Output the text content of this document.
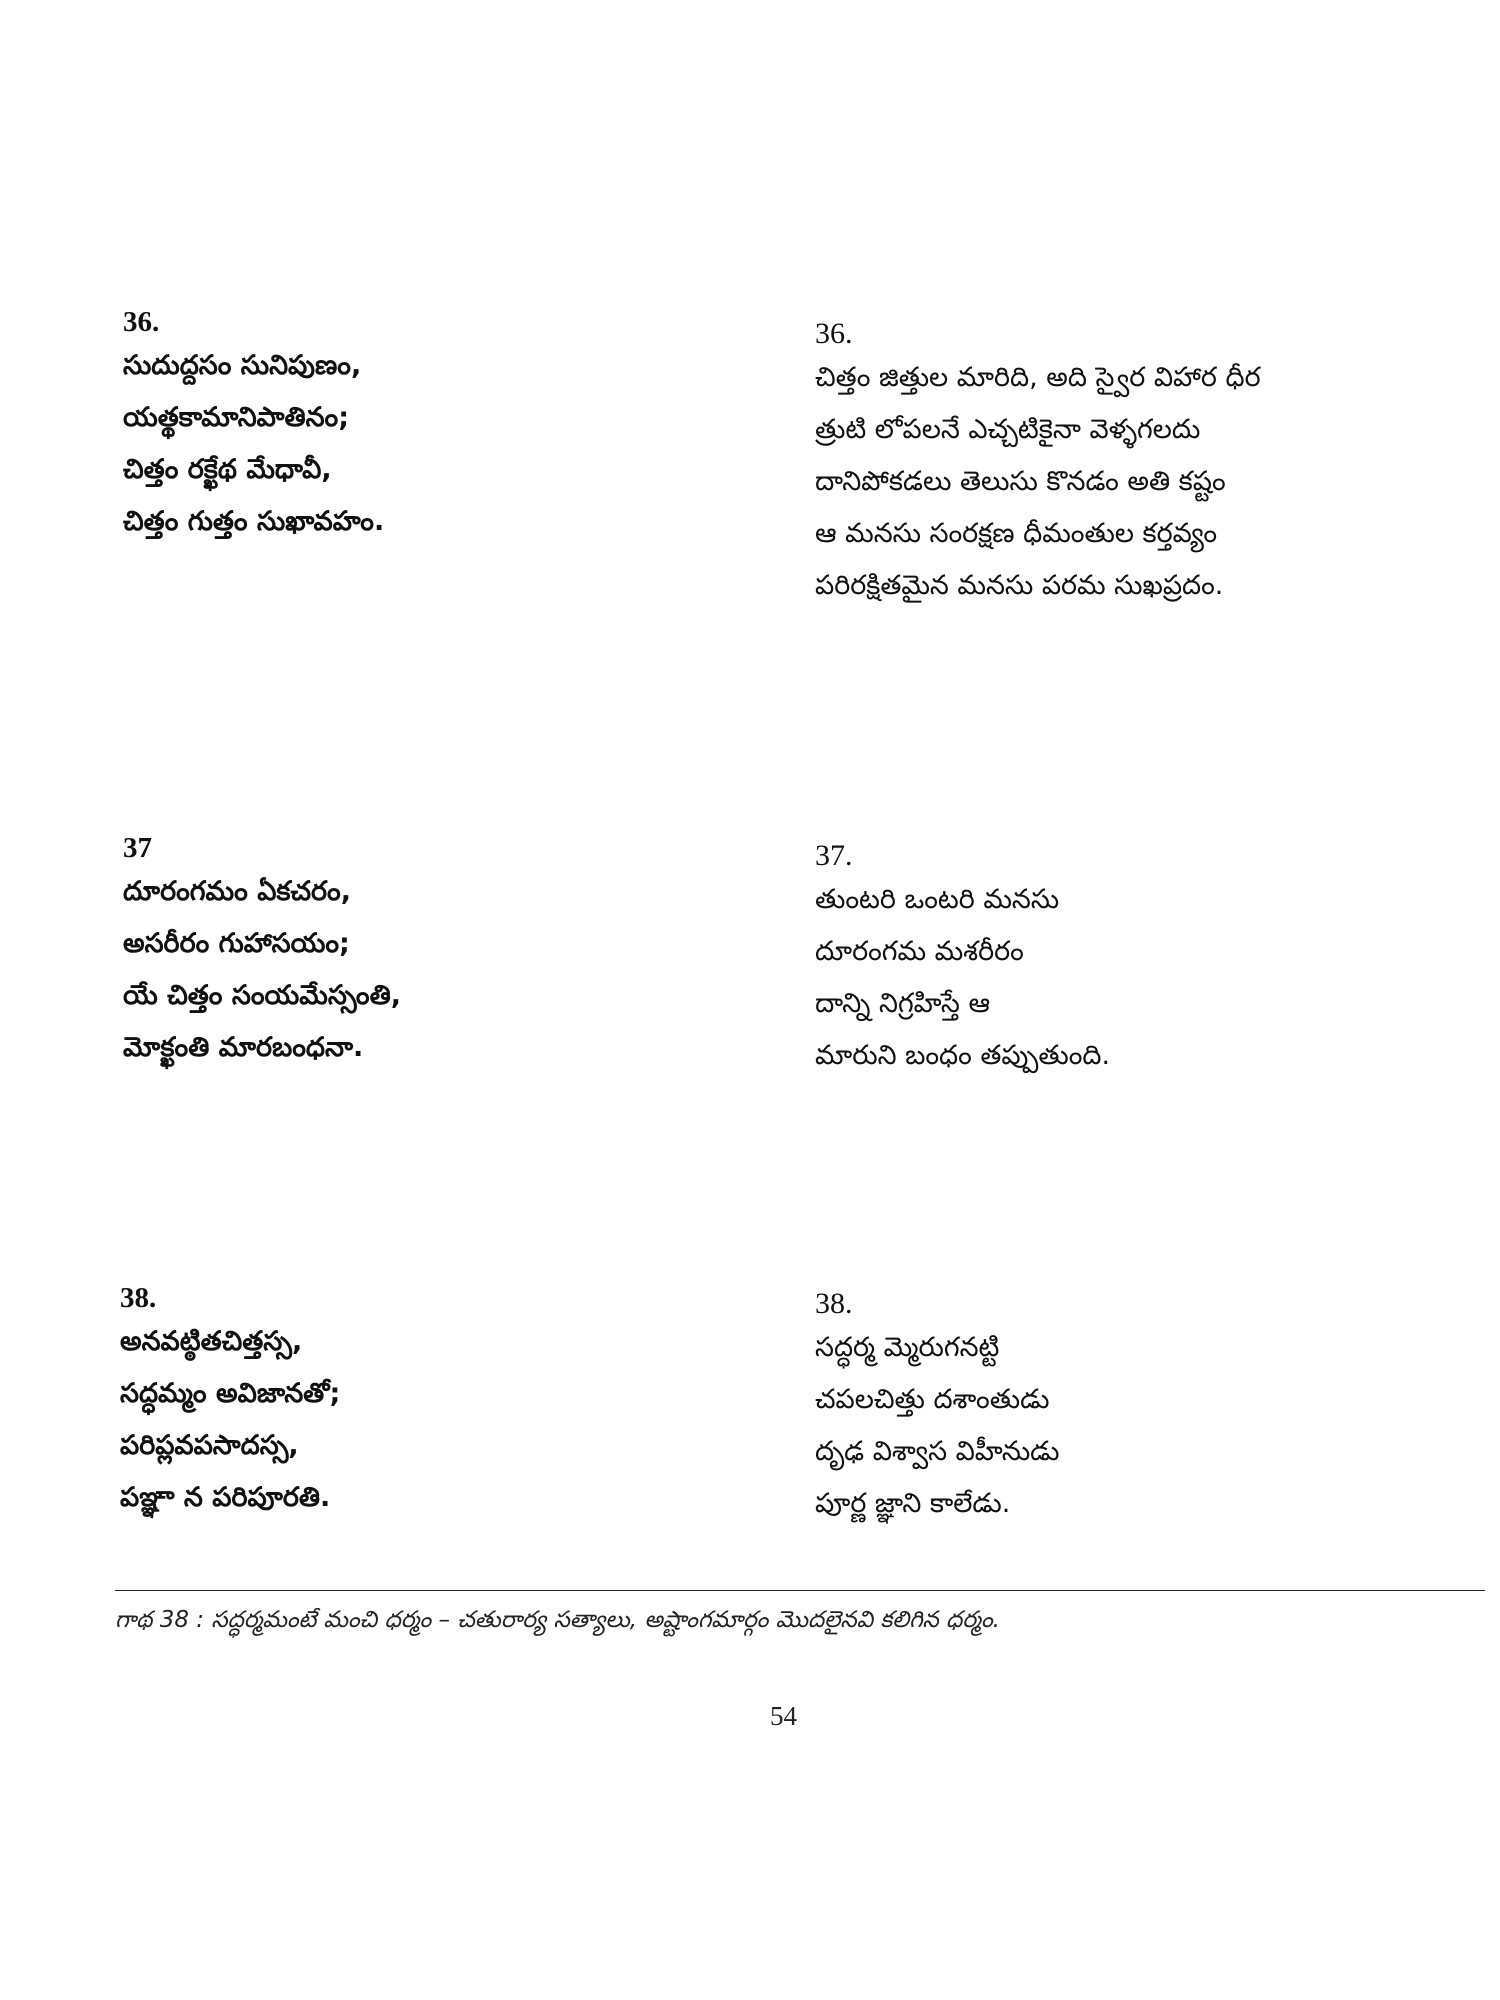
36.

సుదుద్దసం సునిపుణం,
యత్థకామానిపాతినం;
చిత్తం రక్ఖేథ మేధావీ,
చిత్తం గుత్తం సుఖావహం.

36.

చిత్తం జిత్తుల మారిది, అది స్వైర విహార ధీర
త్రుటి లోపలనే ఎచ్చటికైనా వెళ్ళగలదు
దానిపోకడలు తెలుసు కొనడం అతి కష్టం
ఆ మనసు సంరక్షణ ధీమంతుల కర్తవ్యం
పరిరక్షితమైన మనసు పరమ సుఖప్రదం.

37

దూరంగమం ఏకచరం,
అసరీరం గుహాసయం;
యే చిత్తం సంయమేస్సంతి,
మోక్ఖంతి మారబంధనా.

37.

తుంటరి ఒంటరి మనసు
దూరంగమ మశరీరం
దాన్ని నిగ్రహిస్తే ఆ
మారుని బంధం తప్పుతుంది.

38.

అనవట్ఠితచిత్తస్స,
సద్ధమ్మం అవిజానతో;
పరిప్లవపసాదస్స,
పఞ్ఞా న పరిపూరతి.

38.

సద్ధర్మ మ్మెరుగనట్టి
చపలచిత్తు దశాంతుడు
దృఢ విశ్వాస విహీనుడు
పూర్ణ జ్ఞాని కాలేడు.
గాథ 38 : సద్ధర్మమంటే మంచి ధర్మం – చతురార్య సత్యాలు, అష్టాంగమార్గం మొదలైనవి కలిగిన ధర్మం.
54
